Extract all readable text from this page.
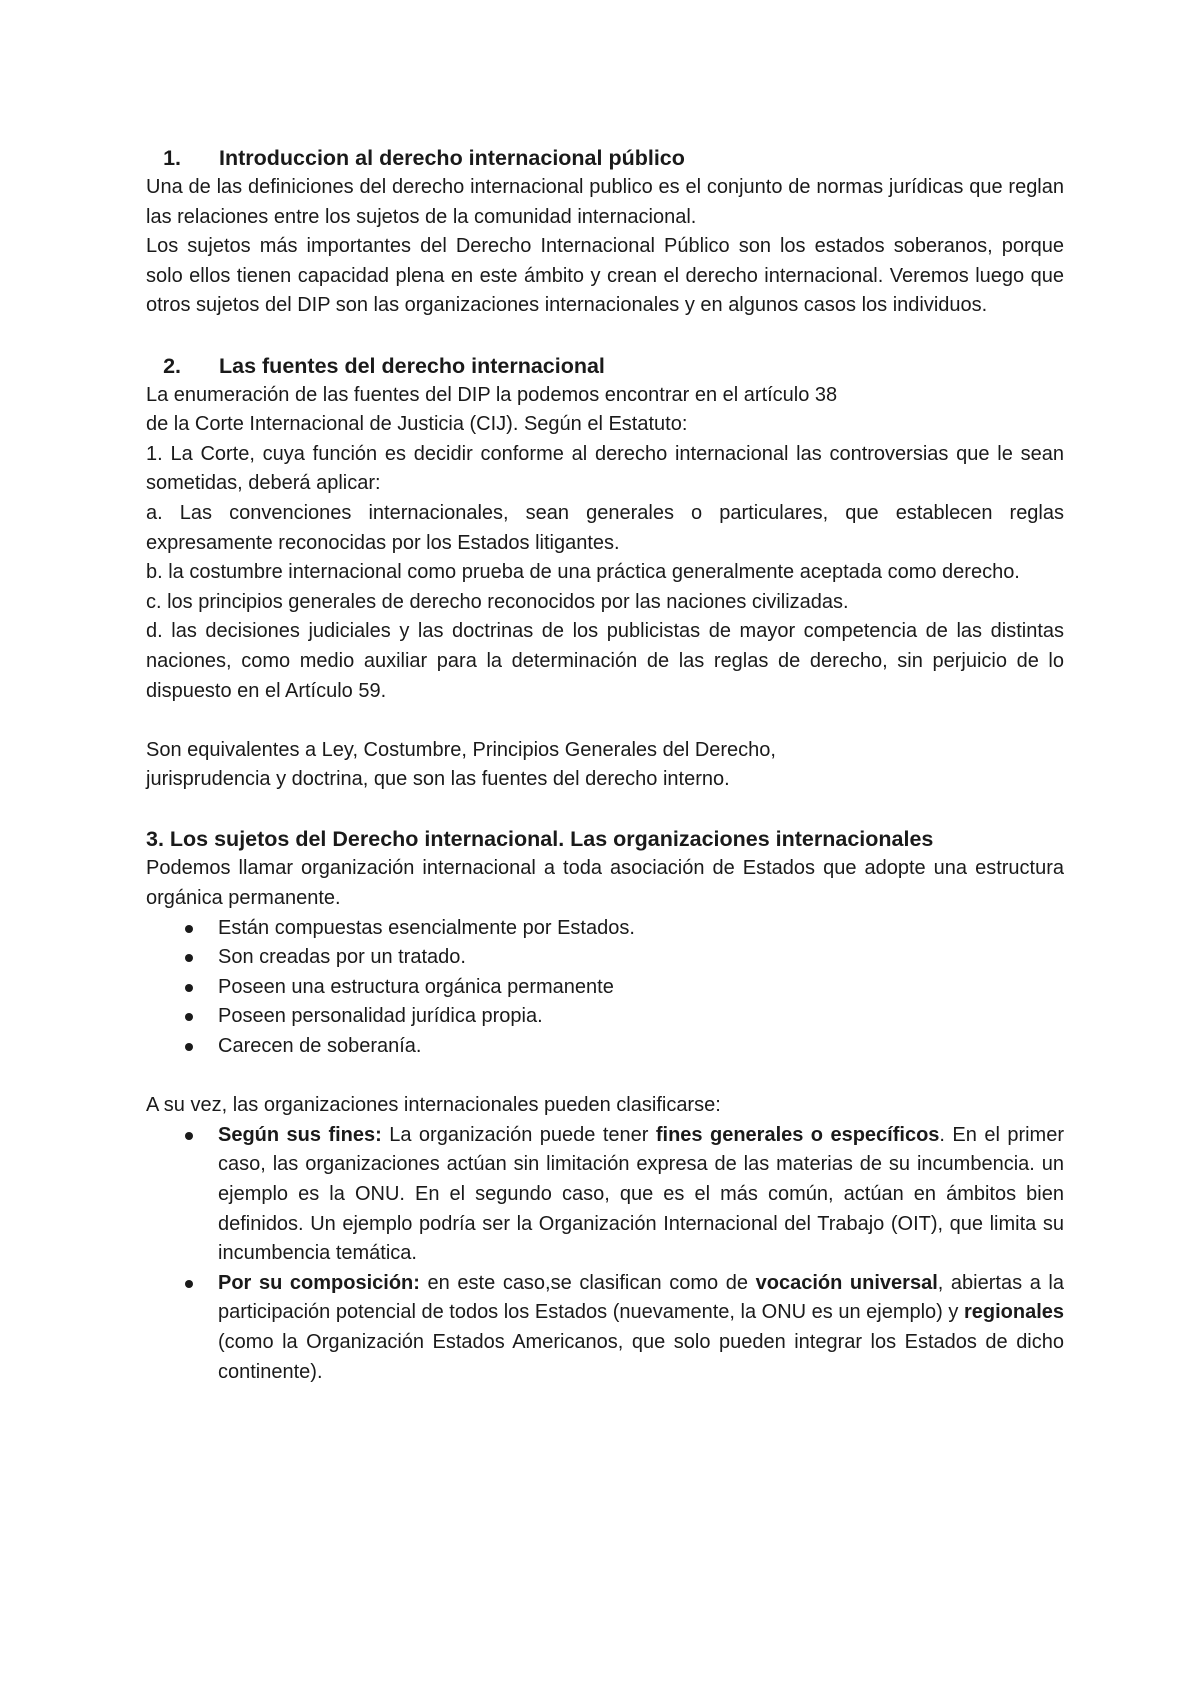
1. Introduccion al derecho internacional público

Una de las definiciones del derecho internacional publico es el conjunto de normas jurídicas que reglan las relaciones entre los sujetos de la comunidad internacional.

Los sujetos más importantes del Derecho Internacional Público son los estados soberanos, porque solo ellos tienen capacidad plena en este ámbito y crean el derecho internacional. Veremos luego que otros sujetos del DIP son las organizaciones internacionales y en algunos casos los individuos.

2. Las fuentes del derecho internacional

La enumeración de las fuentes del DIP la podemos encontrar en el artículo 38

de la Corte Internacional de Justicia (CIJ). Según el Estatuto:

1. La Corte, cuya función es decidir conforme al derecho internacional las controversias que le sean sometidas, deberá aplicar:

a. Las convenciones internacionales, sean generales o particulares, que establecen reglas expresamente reconocidas por los Estados litigantes.

b. la costumbre internacional como prueba de una práctica generalmente aceptada como derecho.

c. los principios generales de derecho reconocidos por las naciones civilizadas.

d. las decisiones judiciales y las doctrinas de los publicistas de mayor competencia de las distintas naciones, como medio auxiliar para la determinación de las reglas de derecho, sin perjuicio de lo dispuesto en el Artículo 59.

Son equivalentes a Ley, Costumbre, Principios Generales del Derecho,

jurisprudencia y doctrina, que son las fuentes del derecho interno.

3. Los sujetos del Derecho internacional. Las organizaciones internacionales

Podemos llamar organización internacional a toda asociación de Estados que adopte una estructura orgánica permanente.

Están compuestas esencialmente por Estados.
Son creadas por un tratado.
Poseen una estructura orgánica permanente
Poseen personalidad jurídica propia.
Carecen de soberanía.

A su vez, las organizaciones internacionales pueden clasificarse:

Según sus fines: La organización puede tener fines generales o específicos. En el primer caso, las organizaciones actúan sin limitación expresa de las materias de su incumbencia. un ejemplo es la ONU. En el segundo caso, que es el más común, actúan en ámbitos bien definidos. Un ejemplo podría ser la Organización Internacional del Trabajo (OIT), que limita su incumbencia temática.
Por su composición: en este caso,se clasifican como de vocación universal, abiertas a la participación potencial de todos los Estados (nuevamente, la ONU es un ejemplo) y regionales (como la Organización Estados Americanos, que solo pueden integrar los Estados de dicho continente).
